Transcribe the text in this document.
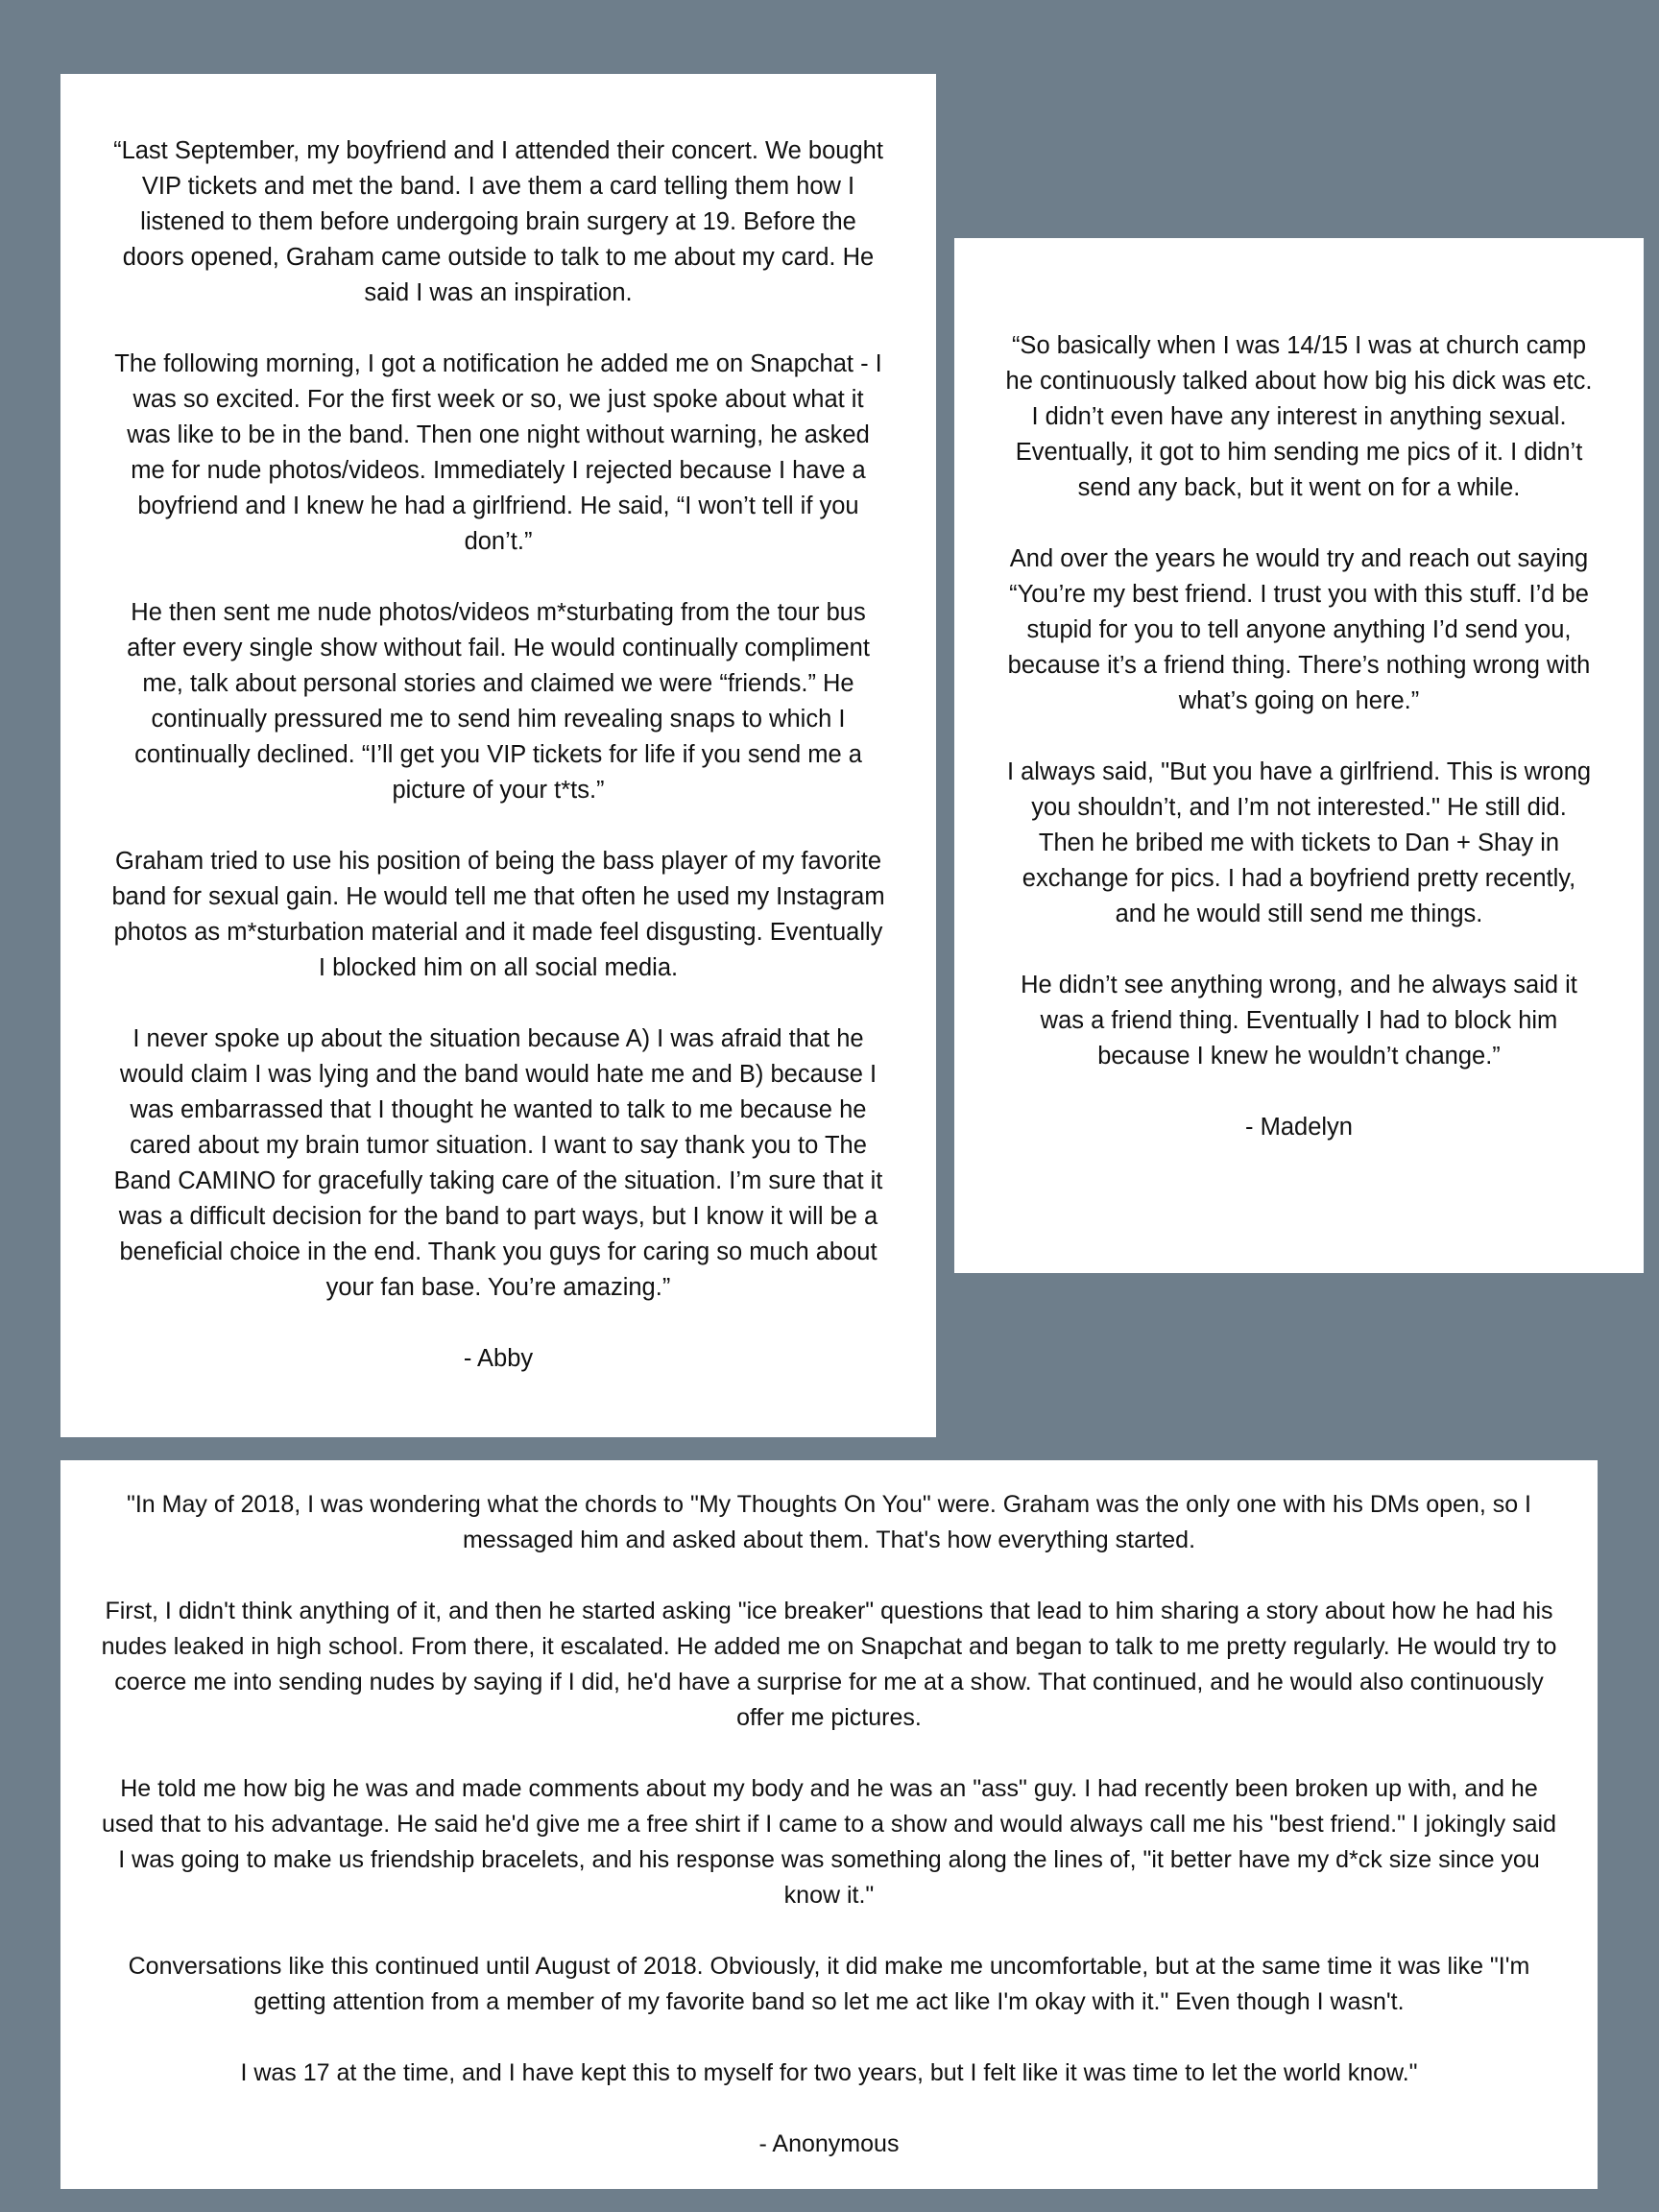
“Last September, my boyfriend and I attended their concert. We bought VIP tickets and met the band. I ave them a card telling them how I listened to them before undergoing brain surgery at 19. Before the doors opened, Graham came outside to talk to me about my card. He said I was an inspiration.

The following morning, I got a notification he added me on Snapchat - I was so excited. For the first week or so, we just spoke about what it was like to be in the band. Then one night without warning, he asked me for nude photos/videos. Immediately I rejected because I have a boyfriend and I knew he had a girlfriend. He said, “I won’t tell if you don’t.”

He then sent me nude photos/videos m*sturbating from the tour bus after every single show without fail. He would continually compliment me, talk about personal stories and claimed we were “friends.” He continually pressured me to send him revealing snaps to which I continually declined. “I’ll get you VIP tickets for life if you send me a picture of your t*ts.”

Graham tried to use his position of being the bass player of my favorite band for sexual gain. He would tell me that often he used my Instagram photos as m*sturbation material and it made feel disgusting. Eventually I blocked him on all social media.

I never spoke up about the situation because A) I was afraid that he would claim I was lying and the band would hate me and B) because I was embarrassed that I thought he wanted to talk to me because he cared about my brain tumor situation. I want to say thank you to The Band CAMINO for gracefully taking care of the situation. I’m sure that it was a difficult decision for the band to part ways, but I know it will be a beneficial choice in the end. Thank you guys for caring so much about your fan base. You’re amazing.”

- Abby

“So basically when I was 14/15 I was at church camp he continuously talked about how big his dick was etc. I didn’t even have any interest in anything sexual. Eventually, it got to him sending me pics of it. I didn’t send any back, but it went on for a while.

And over the years he would try and reach out saying “You’re my best friend. I trust you with this stuff. I’d be stupid for you to tell anyone anything I’d send you, because it’s a friend thing. There’s nothing wrong with what’s going on here.”

I always said, "But you have a girlfriend. This is wrong you shouldn’t, and I’m not interested." He still did. Then he bribed me with tickets to Dan + Shay in exchange for pics. I had a boyfriend pretty recently, and he would still send me things.

He didn’t see anything wrong, and he always said it was a friend thing. Eventually I had to block him because I knew he wouldn’t change.”

- Madelyn

"In May of 2018, I was wondering what the chords to "My Thoughts On You" were. Graham was the only one with his DMs open, so I messaged him and asked about them. That's how everything started.

First, I didn't think anything of it, and then he started asking "ice breaker" questions that lead to him sharing a story about how he had his nudes leaked in high school. From there, it escalated. He added me on Snapchat and began to talk to me pretty regularly. He would try to coerce me into sending nudes by saying if I did, he'd have a surprise for me at a show. That continued, and he would also continuously offer me pictures.

He told me how big he was and made comments about my body and he was an "ass" guy. I had recently been broken up with, and he used that to his advantage. He said he'd give me a free shirt if I came to a show and would always call me his "best friend." I jokingly said I was going to make us friendship bracelets, and his response was something along the lines of, "it better have my d*ck size since you know it."

Conversations like this continued until August of 2018. Obviously, it did make me uncomfortable, but at the same time it was like "I'm getting attention from a member of my favorite band so let me act like I'm okay with it." Even though I wasn't.

I was 17 at the time, and I have kept this to myself for two years, but I felt like it was time to let the world know."

- Anonymous
